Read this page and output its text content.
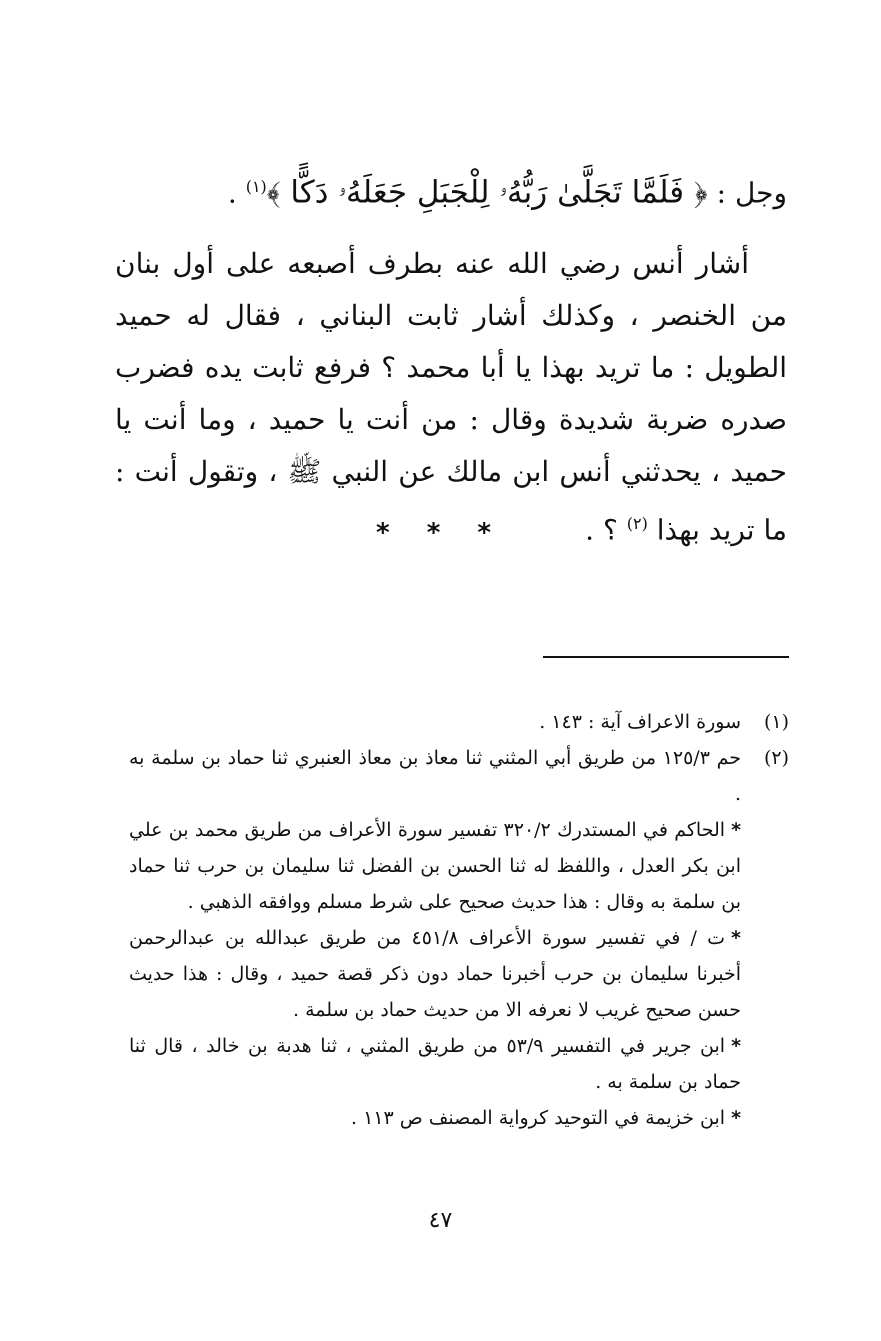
وجل : ﴿ فَلَمَّا تَجَلَّىٰ رَبُّهُۥ لِلْجَبَلِ جَعَلَهُۥ دَكًّا ﴾$^{(١)}$ .
أشار أنس رضي الله عنه بطرف أصبعه على أول بنان من الخنصر ، وكذلك أشار ثابت البناني ، فقال له حميد الطويل : ما تريد بهذا يا أبا محمد ؟ فرفع ثابت يده فضرب صدره ضربة شديدة وقال : من أنت يا حميد ، وما أنت يا حميد ، يحدثني أنس ابن مالك عن النبي ﷺ ، وتقول أنت : ما تريد بهذا $^{(٢)}$ ؟ .
* * *
(١)
سورة الاعراف آية : ١٤٣ .
(٢)
حم ١٢٥/٣ من طريق أبي المثني ثنا معاذ بن معاذ العنبري ثنا حماد بن سلمة به .

*الحاكم في المستدرك ٣٢٠/٢ تفسير سورة الأعراف من طريق محمد بن علي ابن بكر العدل ، واللفظ له ثنا الحسن بن الفضل ثنا سليمان بن حرب ثنا حماد بن سلمة به وقال : هذا حديث صحيح على شرط مسلم ووافقه الذهبي .

*ت / في تفسير سورة الأعراف ٤٥١/٨ من طريق عبدالله بن عبدالرحمن أخبرنا سليمان بن حرب أخبرنا حماد دون ذكر قصة حميد ، وقال : هذا حديث حسن صحيح غريب لا نعرفه الا من حديث حماد بن سلمة .

*ابن جرير في التفسير ٥٣/٩ من طريق المثني ، ثنا هدبة بن خالد ، قال ثنا حماد بن سلمة به .

*ابن خزيمة في التوحيد كرواية المصنف ص ١١٣ .

٤٧
